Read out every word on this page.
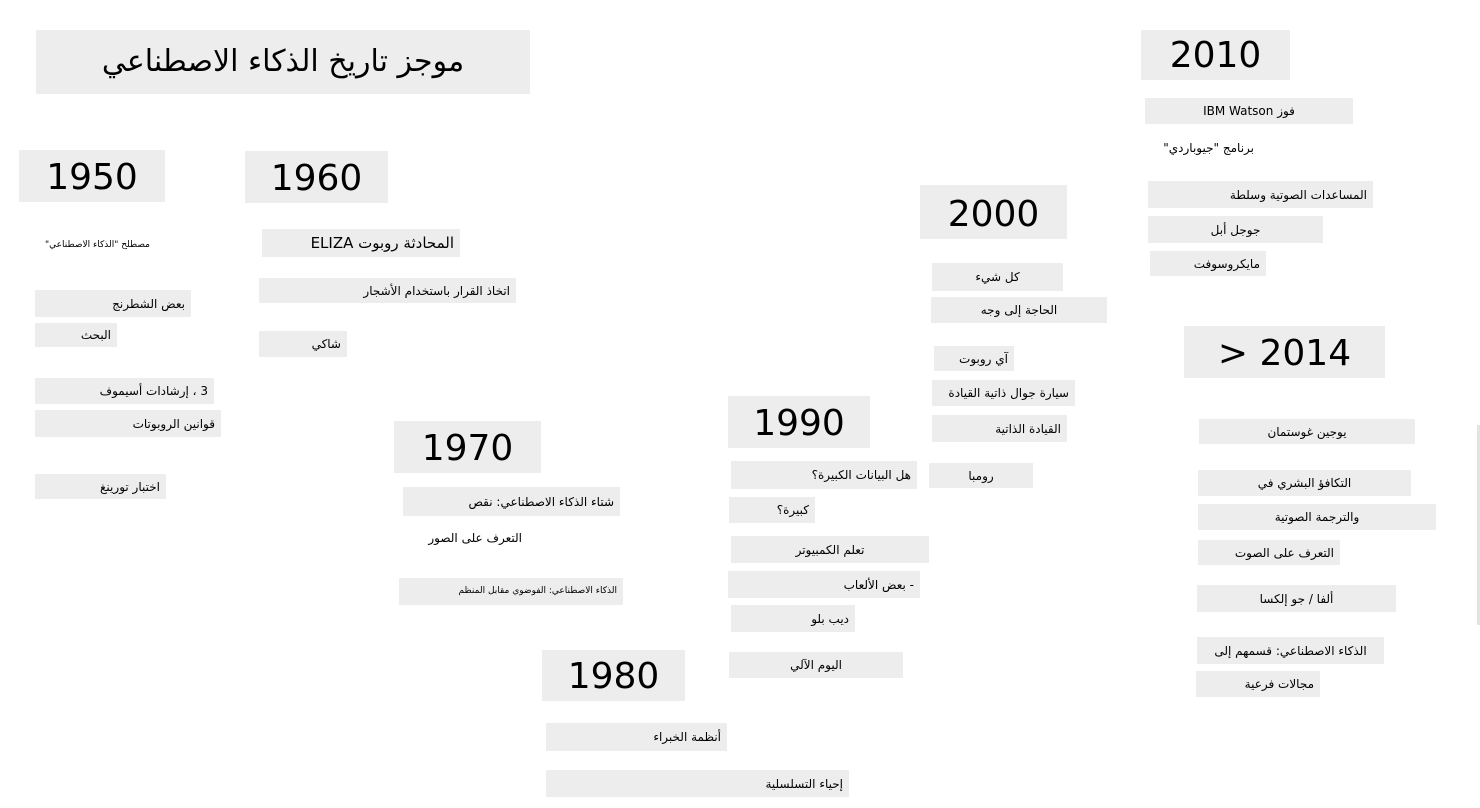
موجز تاريخ الذكاء الاصطناعي
1950
مصطلح "الذكاء الاصطناعي"
بعض الشطرنج
البحث
3 ، إرشادات أسيموف
قوانين الروبوتات
اختبار تورينغ
1960
المحادثة روبوت ELIZA
اتخاذ القرار باستخدام الأشجار
شاكي
1970
شتاء الذكاء الاصطناعي: نقص
التعرف على الصور
الذكاء الاصطناعي: الفوضوي مقابل المنظم
1980
أنظمة الخبراء
إحياء التسلسلية
1990
هل البيانات الكبيرة؟
كبيرة؟
تعلم الكمبيوتر
- بعض الألعاب
ديب بلو
اليوم الآلي
2000
كل شيء
الحاجة إلى وجه
آي روبوت
سيارة جوال ذاتية القيادة
القيادة الذاتية
رومبا
2010
فوز IBM Watson
برنامج "جيوباردي"
المساعدات الصوتية وسلطة
جوجل أبل
مايكروسوفت
> 2014
يوجين غوستمان
التكافؤ البشري في
والترجمة الصوتية
التعرف على الصوت
ألفا / جو إلكسا
الذكاء الاصطناعي: قسمهم إلى
مجالات فرعية
